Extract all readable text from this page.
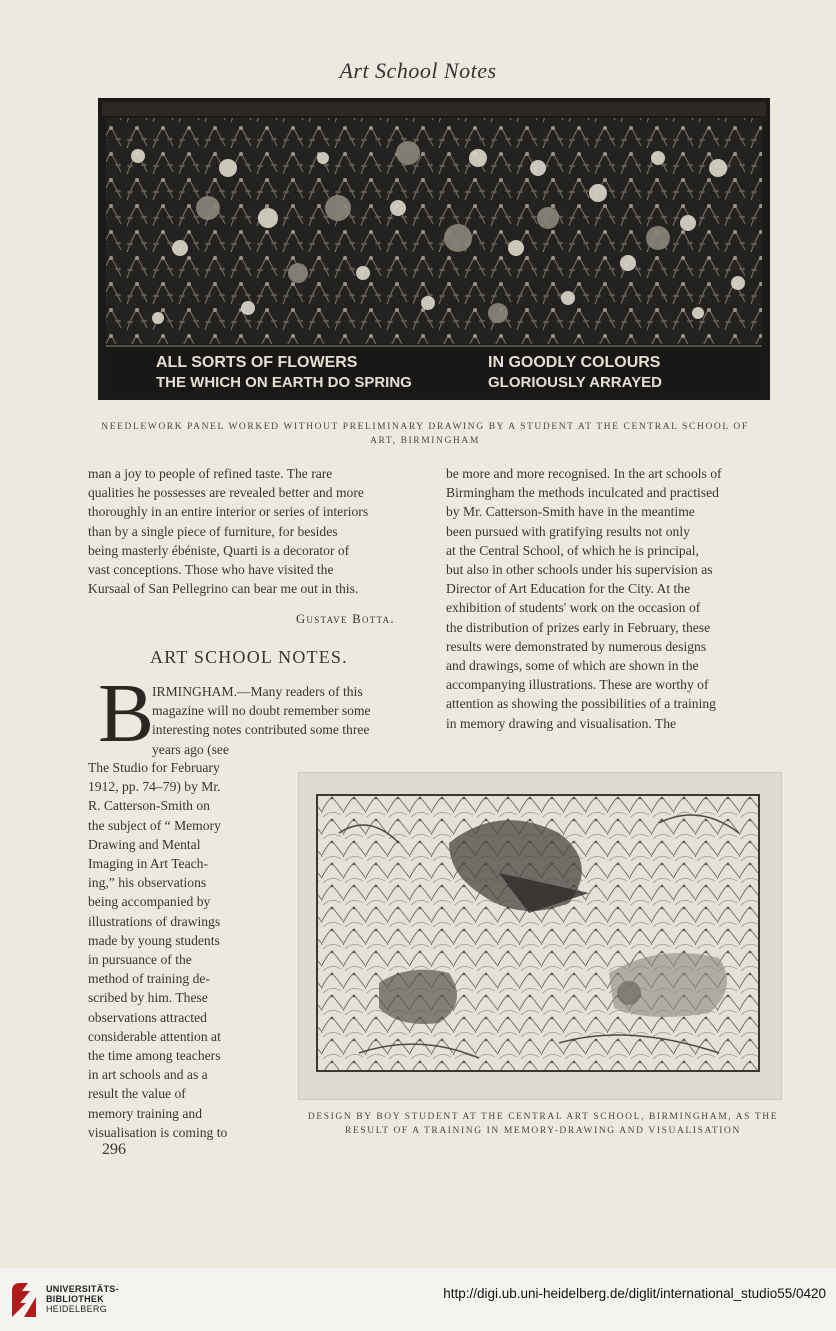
Art School Notes
ALL SORTS OF FLOWERS
THE WHICH ON EARTH DO SPRING
IN GOODLY COLOURS
GLORIOUSLY ARRAYED
NEEDLEWORK PANEL WORKED WITHOUT PRELIMINARY DRAWING BY A STUDENT AT THE CENTRAL SCHOOL OF
ART, BIRMINGHAM

man a joy to people of refined taste. The rare

qualities he possesses are revealed better and more

thoroughly in an entire interior or series of interiors

than by a single piece of furniture, for besides

being masterly ébéniste, Quarti is a decorator of

vast conceptions. Those who have visited the

Kursaal of San Pellegrino can bear me out in this.

Gustave Botta.
ART SCHOOL NOTES.
B

IRMINGHAM.—Many readers of this

magazine will no doubt remember some

interesting notes contributed some three

years ago (see

The Studio for February

1912, pp. 74–79) by Mr.

R. Catterson-Smith on

the subject of “ Memory

Drawing and Mental

Imaging in Art Teach-

ing,” his observations

being accompanied by

illustrations of drawings

made by young students

in pursuance of the

method of training de-

scribed by him. These

observations attracted

considerable attention at

the time among teachers

in art schools and as a

result the value of

memory training and

visualisation is coming to

be more and more recognised. In the art schools of

Birmingham the methods inculcated and practised

by Mr. Catterson-Smith have in the meantime

been pursued with gratifying results not only

at the Central School, of which he is principal,

but also in other schools under his supervision as

Director of Art Education for the City. At the

exhibition of students' work on the occasion of

the distribution of prizes early in February, these

results were demonstrated by numerous designs

and drawings, some of which are shown in the

accompanying illustrations. These are worthy of

attention as showing the possibilities of a training

in memory drawing and visualisation. The

DESIGN BY BOY STUDENT AT THE CENTRAL ART SCHOOL, BIRMINGHAM, AS THE
RESULT OF A TRAINING IN MEMORY-DRAWING AND VISUALISATION
296
UNIVERSITÄTS-
BIBLIOTHEK
HEIDELBERG
http://digi.ub.uni-heidelberg.de/diglit/international_studio55/0420
